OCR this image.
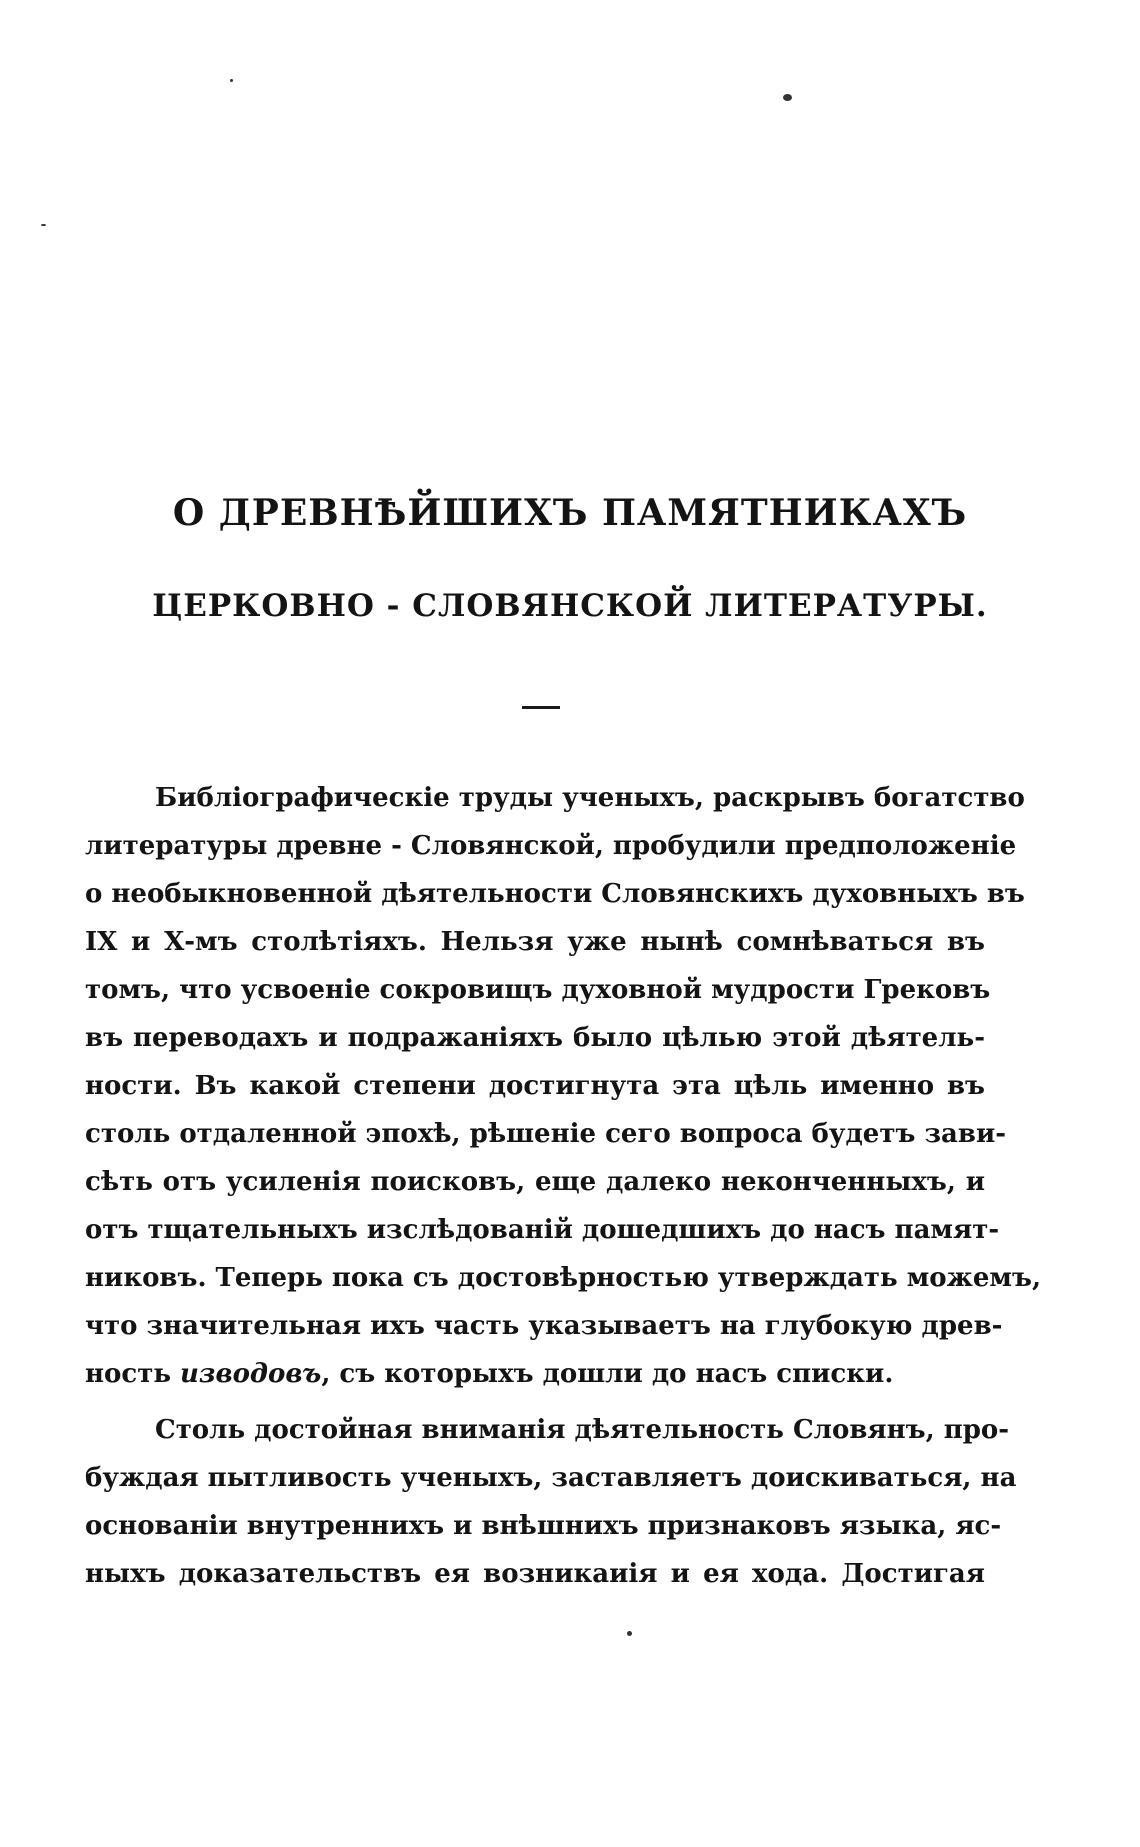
О ДРЕВНѢЙШИХЪ ПАМЯТНИКАХЪ
ЦЕРКОВНО - СЛОВЯНСКОЙ ЛИТЕРАТУРЫ.
Библіографическіе труды ученыхъ, раскрывъ богатство
литературы древне - Словянской, пробудили предположеніе
о необыкновенной дѣятельности Словянскихъ духовныхъ въ
IX и Х-мъ столѣтіяхъ. Нельзя уже нынѣ сомнѣваться въ
томъ, что усвоеніе сокровищъ духовной мудрости Грековъ
въ переводахъ и подражаніяхъ было цѣлью этой дѣятель-
ности. Въ какой степени достигнута эта цѣль именно въ
столь отдаленной эпохѣ, рѣшеніе сего вопроса будетъ зави-
сѣть отъ усиленія поисковъ, еще далеко неконченныхъ, и
отъ тщательныхъ изслѣдованій дошедшихъ до насъ памят-
никовъ. Теперь пока съ достовѣрностью утверждать можемъ,
что значительная ихъ часть указываетъ на глубокую древ-
ность изводовъ, съ которыхъ дошли до насъ списки.
Столь достойная вниманія дѣятельность Словянъ, про-
буждая пытливость ученыхъ, заставляетъ доискиваться, на
основаніи внутреннихъ и внѣшнихъ признаковъ языка, яс-
ныхъ доказательствъ ея возникаиія и ея хода. Достигая
